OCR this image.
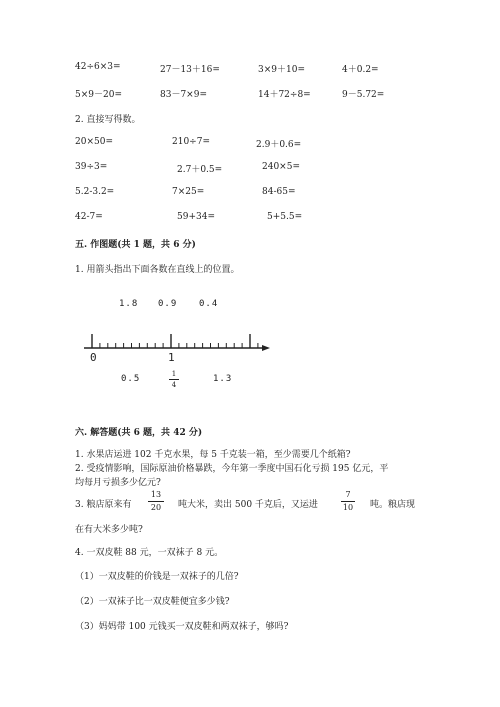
42÷6×3=	27－13＋16=	3×9＋10=	4＋0.2=
5×9－20=	83－7×9=	14＋72÷8=	9－5.72=
2. 直接写得数。
20×50=	210÷7=	2.9＋0.6=
39÷3=	2.7＋0.5=	240×5=
5.2-3.2=	7×25=	84-65=
42-7=	59+34=	5+5.5=
五. 作图题(共 1 题，共 6 分)
1. 用箭头指出下面各数在直线上的位置。
1.8 0.9 0.4
0	1
0.5	1
4
1.3
六. 解答题(共 6 题，共 42 分)
1. 水果店运进 102 千克水果，每 5 千克装一箱，至少需要几个纸箱?
2. 受疫情影响，国际原油价格暴跌，今年第一季度中国石化亏损 195 亿元，平
均每月亏损多少亿元?
3. 粮店原来有
13
20	吨大米，卖出 500 千克后，又运进
7
10 吨。粮店现
在有大米多少吨?
4. 一双皮鞋 88 元，一双袜子 8 元。
（1）一双皮鞋的价钱是一双袜子的几倍?
（2）一双袜子比一双皮鞋便宜多少钱?
（3）妈妈带 100 元钱买一双皮鞋和两双袜子，够吗?
